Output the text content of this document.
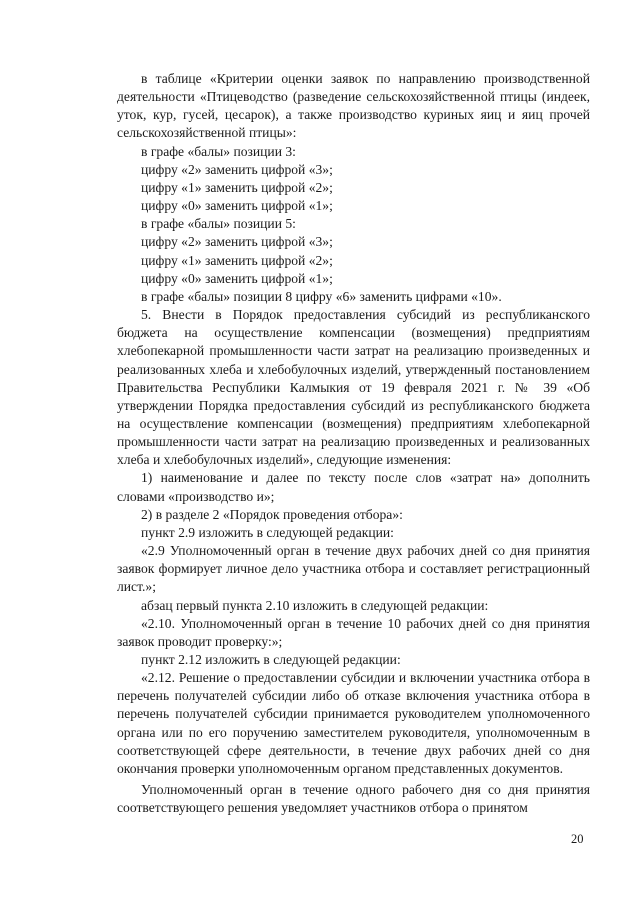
в таблице «Критерии оценки заявок по направлению производственной деятельности «Птицеводство (разведение сельскохозяйственной птицы (индеек, уток, кур, гусей, цесарок), а также производство куриных яиц и яиц прочей сельскохозяйственной птицы»:

в графе «балы» позиции 3:

цифру «2» заменить цифрой «3»;

цифру «1» заменить цифрой «2»;

цифру «0» заменить цифрой «1»;

в графе «балы» позиции 5:

цифру «2» заменить цифрой «3»;

цифру «1» заменить цифрой «2»;

цифру «0» заменить цифрой «1»;

в графе «балы» позиции 8 цифру «6» заменить цифрами «10».

5. Внести в Порядок предоставления субсидий из республиканского бюджета на осуществление компенсации (возмещения) предприятиям хлебопекарной промышленности части затрат на реализацию произведенных и реализованных хлеба и хлебобулочных изделий, утвержденный постановлением Правительства Республики Калмыкия от 19 февраля 2021 г. № 39 «Об утверждении Порядка предоставления субсидий из республиканского бюджета на осуществление компенсации (возмещения) предприятиям хлебопекарной промышленности части затрат на реализацию произведенных и реализованных хлеба и хлебобулочных изделий», следующие изменения:

1) наименование и далее по тексту после слов «затрат на» дополнить словами «производство и»;

2) в разделе 2 «Порядок проведения отбора»:

пункт 2.9 изложить в следующей редакции:

«2.9 Уполномоченный орган в течение двух рабочих дней со дня принятия заявок формирует личное дело участника отбора и составляет регистрационный лист.»;

абзац первый пункта 2.10 изложить в следующей редакции:

«2.10. Уполномоченный орган в течение 10 рабочих дней со дня принятия заявок проводит проверку:»;

пункт 2.12 изложить в следующей редакции:

«2.12. Решение о предоставлении субсидии и включении участника отбора в перечень получателей субсидии либо об отказе включения участника отбора в перечень получателей субсидии принимается руководителем уполномоченного органа или по его поручению заместителем руководителя, уполномоченным в соответствующей сфере деятельности, в течение двух рабочих дней со дня окончания проверки уполномоченным органом представленных документов.

Уполномоченный орган в течение одного рабочего дня со дня принятия соответствующего решения уведомляет участников отбора о принятом

20
